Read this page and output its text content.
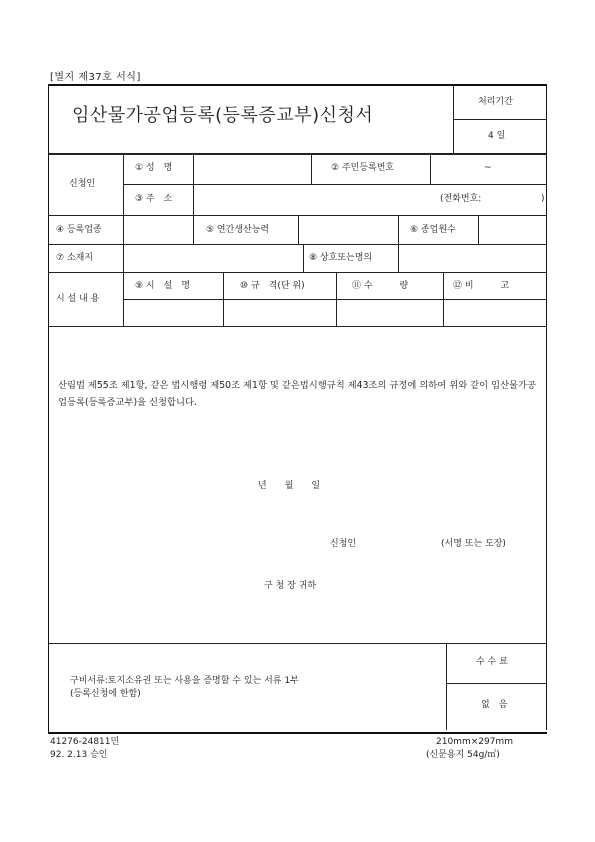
[별지 제37호 서식]
임산물가공업등록(등록증교부)신청서
처리기간
4 일
신청인
① 성　명	② 주민등록번호	~
③ 주　소	(전화번호:	)
④ 등록업종	⑤ 연간생산능력	⑥ 종업원수
⑦ 소재지	⑧ 상호또는명의
시 설 내 용
⑨ 시　설　명	⑩ 규　격(단 위)	⑪ 수　　　량	⑫ 비　　　고
산림법 제55조 제1항, 같은 법시행령 제50조 제1항 및 같은법시행규칙 제43조의 규정에 의하여 위와 같이 임산물가공업등록(등록증교부)을 신청합니다.
년　　월　　일
신청인	(서명 또는 도장)
구 청 장 귀하
구비서류:토지소유권 또는 사용을 증명할 수 있는 서류 1부
(등록신청에 한함)
수 수 료
없　음
41276-24811민
92. 2.13 승인
210mm×297mm
(신문용지 54g/㎡)
